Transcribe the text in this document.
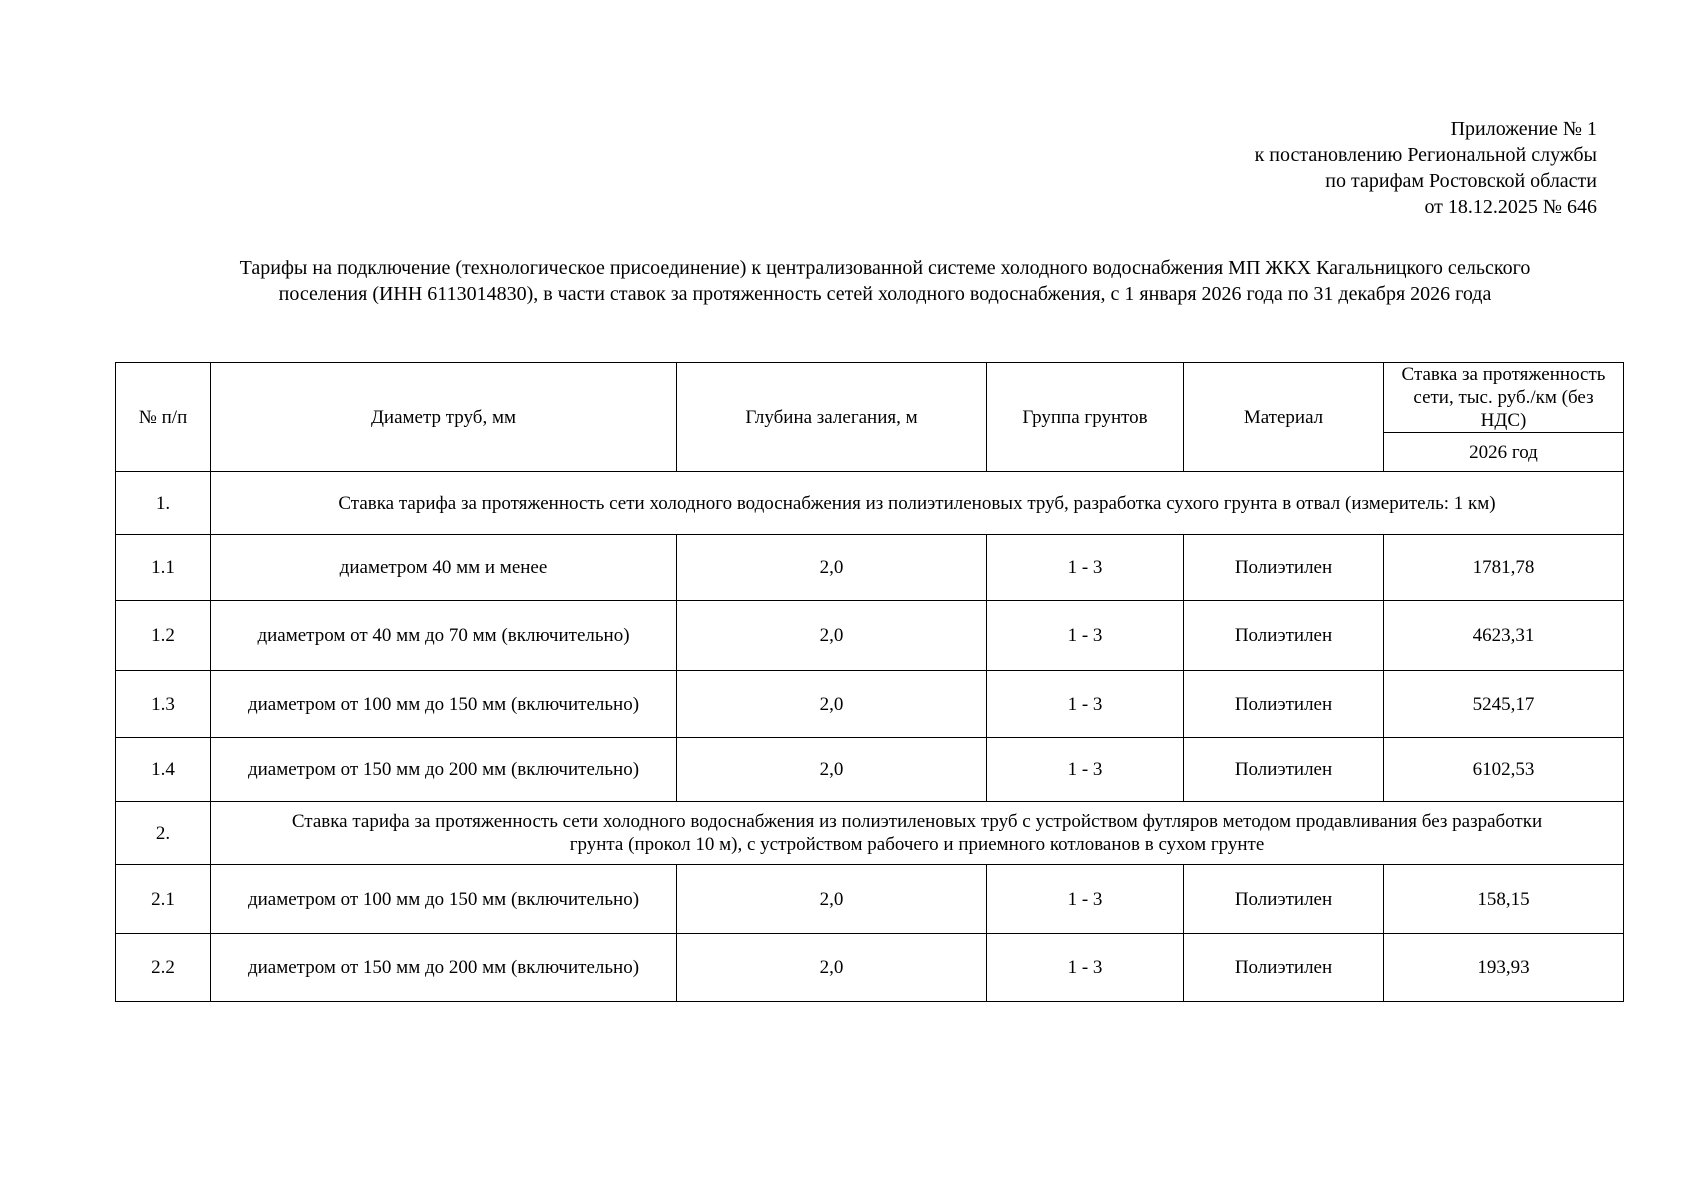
Приложение № 1
к постановлению Региональной службы
по тарифам Ростовской области
от 18.12.2025 № 646
Тарифы на подключение (технологическое присоединение) к централизованной системе холодного водоснабжения МП ЖКХ Кагальницкого сельского
поселения (ИНН 6113014830), в части ставок за протяженность сетей холодного водоснабжения, с 1 января 2026 года по 31 декабря 2026 года
№ п/п	Диаметр труб, мм	Глубина залегания, м	Группа грунтов	Материал	Ставка за протяженность сети, тыс. руб./км (без НДС)
					2026 год
1.	Ставка тарифа за протяженность сети холодного водоснабжения из полиэтиленовых труб, разработка сухого грунта в отвал (измеритель: 1 км)				
1.1	диаметром 40 мм и менее	2,0	1 - 3	Полиэтилен	1781,78
1.2	диаметром от 40 мм до 70 мм (включительно)	2,0	1 - 3	Полиэтилен	4623,31
1.3	диаметром от 100 мм до 150 мм (включительно)	2,0	1 - 3	Полиэтилен	5245,17
1.4	диаметром от 150 мм до 200 мм (включительно)	2,0	1 - 3	Полиэтилен	6102,53
2.	Ставка тарифа за протяженность сети холодного водоснабжения из полиэтиленовых труб с устройством футляров методом продавливания без разработки
грунта (прокол 10 м), с устройством рабочего и приемного котлованов в сухом грунте				

2.1	диаметром от 100 мм до 150 мм (включительно)	2,0	1 - 3	Полиэтилен	158,15
2.2	диаметром от 150 мм до 200 мм (включительно)	2,0	1 - 3	Полиэтилен	193,93
